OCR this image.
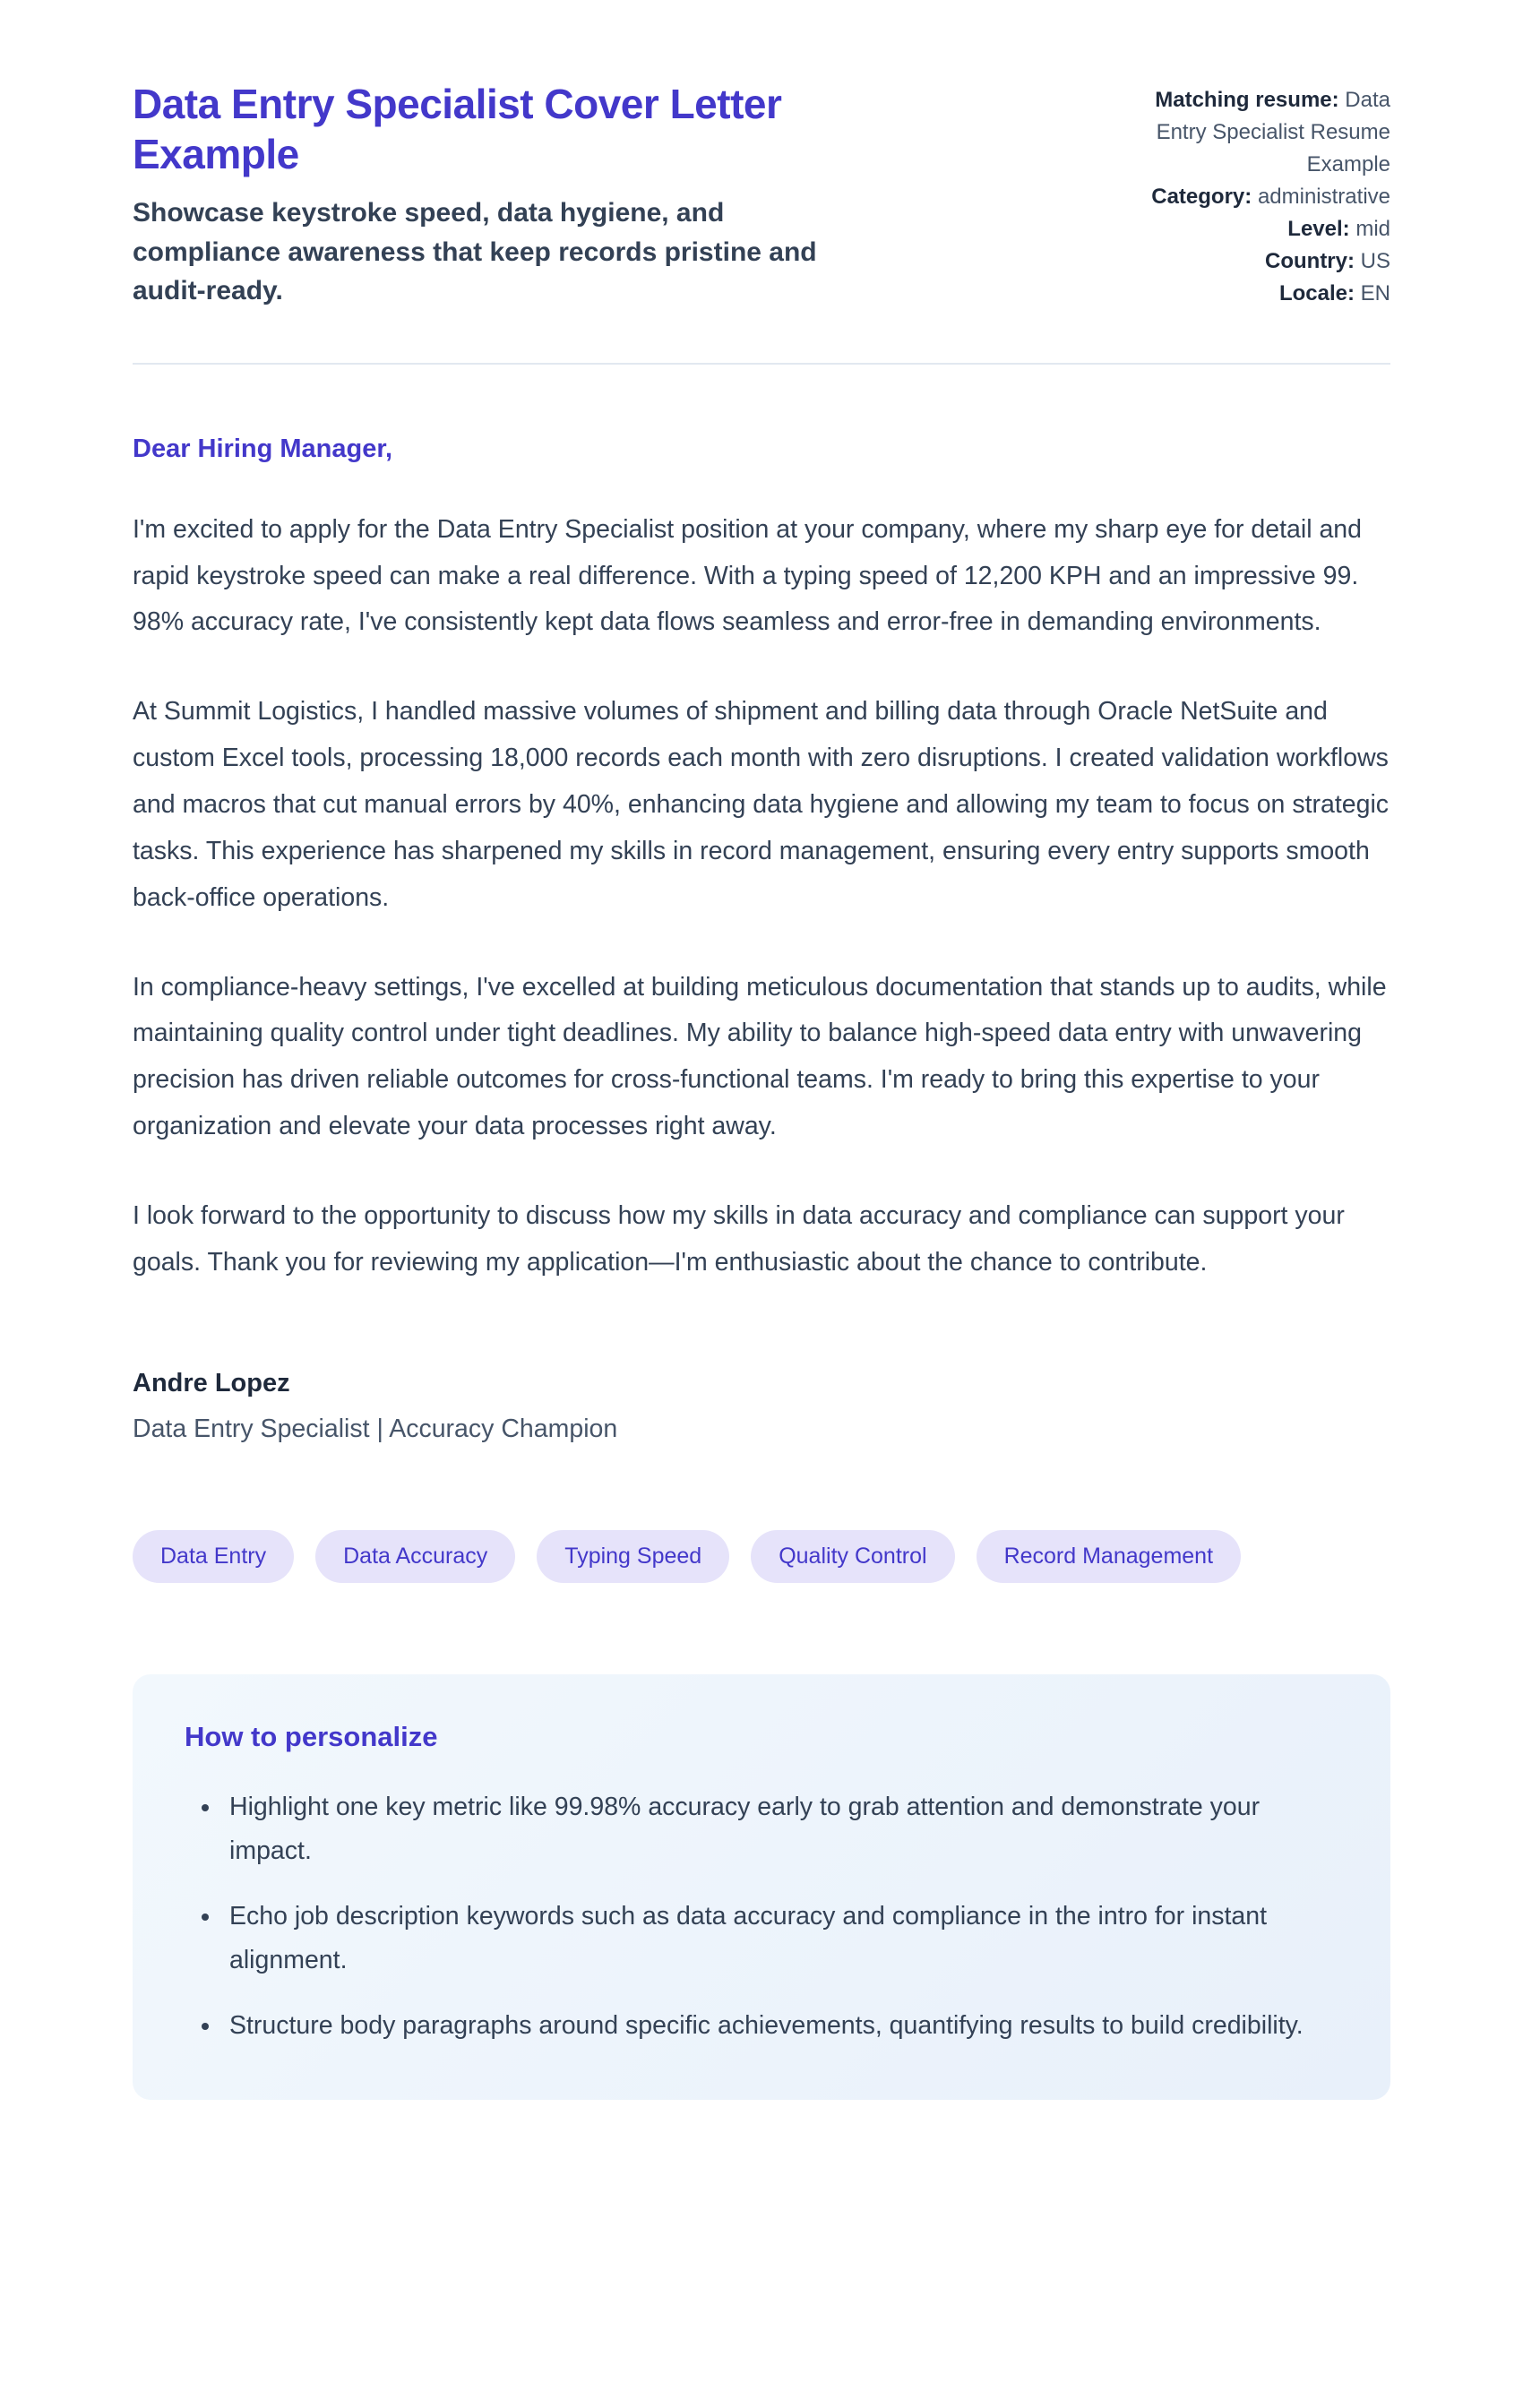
Data Entry Specialist Cover Letter Example

Showcase keystroke speed, data hygiene, and compliance awareness that keep records pristine and audit-ready.

Matching resume: Data Entry Specialist Resume Example
Category: administrative
Level: mid
Country: US
Locale: EN

Dear Hiring Manager,

I'm excited to apply for the Data Entry Specialist position at your company, where my sharp eye for detail and rapid keystroke speed can make a real difference. With a typing speed of 12,200 KPH and an impressive 99. 98% accuracy rate, I've consistently kept data flows seamless and error-free in demanding environments.

At Summit Logistics, I handled massive volumes of shipment and billing data through Oracle NetSuite and custom Excel tools, processing 18,000 records each month with zero disruptions. I created validation workflows and macros that cut manual errors by 40%, enhancing data hygiene and allowing my team to focus on strategic tasks. This experience has sharpened my skills in record management, ensuring every entry supports smooth back-office operations.

In compliance-heavy settings, I've excelled at building meticulous documentation that stands up to audits, while maintaining quality control under tight deadlines. My ability to balance high-speed data entry with unwavering precision has driven reliable outcomes for cross-functional teams. I'm ready to bring this expertise to your organization and elevate your data processes right away.

I look forward to the opportunity to discuss how my skills in data accuracy and compliance can support your goals. Thank you for reviewing my application—I'm enthusiastic about the chance to contribute.

Andre Lopez

Data Entry Specialist | Accuracy Champion

Data Entry	Data Accuracy	Typing Speed	Quality Control	Record Management
How to personalize
• Highlight one key metric like 99.98% accuracy early to grab attention and demonstrate your impact.
• Echo job description keywords such as data accuracy and compliance in the intro for instant alignment.
• Structure body paragraphs around specific achievements, quantifying results to build credibility.
